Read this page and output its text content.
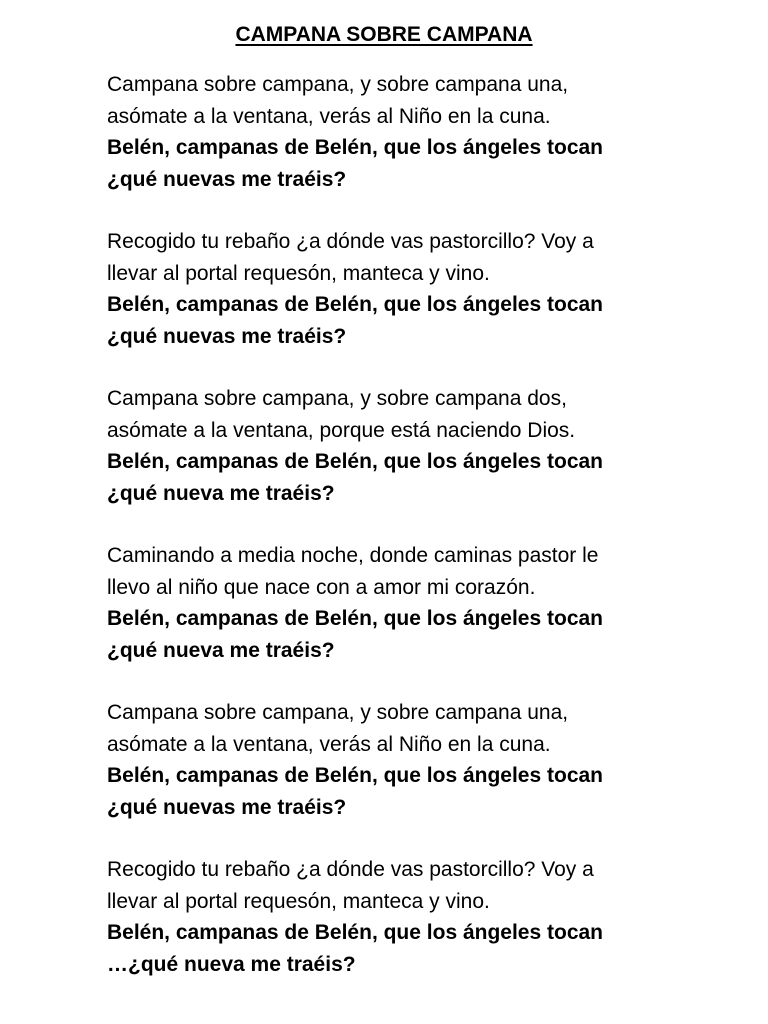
CAMPANA SOBRE CAMPANA
Campana sobre campana, y sobre campana una,
asómate a la ventana, verás al Niño en la cuna.
Belén, campanas de Belén, que los ángeles tocan
¿qué nuevas me traéis?
Recogido tu rebaño ¿a dónde vas pastorcillo? Voy a
llevar al portal requesón, manteca y vino.
Belén, campanas de Belén, que los ángeles tocan
¿qué nuevas me traéis?
Campana sobre campana, y sobre campana dos,
asómate a la ventana, porque está naciendo Dios.
Belén, campanas de Belén, que los ángeles tocan
¿qué nueva me traéis?
Caminando a media noche, donde caminas pastor le
llevo al niño que nace con a amor mi corazón.
Belén, campanas de Belén, que los ángeles tocan
¿qué nueva me traéis?
Campana sobre campana, y sobre campana una,
asómate a la ventana, verás al Niño en la cuna.
Belén, campanas de Belén, que los ángeles tocan
¿qué nuevas me traéis?
Recogido tu rebaño ¿a dónde vas pastorcillo? Voy a
llevar al portal requesón, manteca y vino.
Belén, campanas de Belén, que los ángeles tocan
…¿qué nueva me traéis?
